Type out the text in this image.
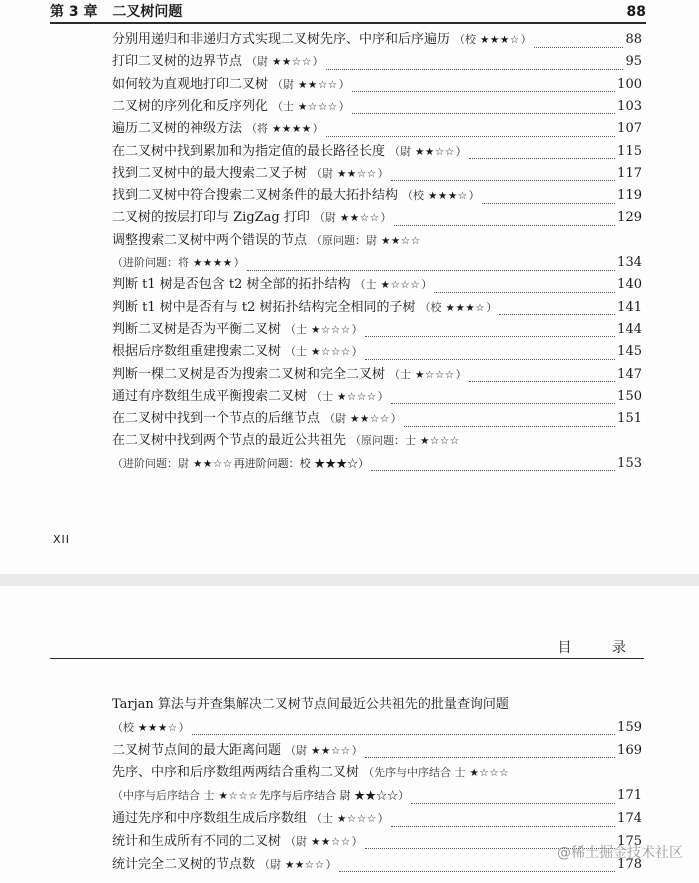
第 3 章 二叉树问题	88
分别用递归和非递归方式实现二叉树先序、中序和后序遍历 （校 ★★★☆ ）	88
打印二叉树的边界节点 （尉 ★★☆☆ ）	95
如何较为直观地打印二叉树 （尉 ★★☆☆ ）	100
二叉树的序列化和反序列化 （士 ★☆☆☆ ）	103
遍历二叉树的神级方法 （将 ★★★★ ）	107
在二叉树中找到累加和为指定值的最长路径长度 （尉 ★★☆☆ ）	115
找到二叉树中的最大搜索二叉子树 （尉 ★★☆☆ ）	117
找到二叉树中符合搜索二叉树条件的最大拓扑结构 （校 ★★★☆ ）	119
二叉树的按层打印与 ZigZag 打印 （尉 ★★☆☆ ）	129
调整搜索二叉树中两个错误的节点 （原问题：尉 ★★☆☆
（进阶问题：将 ★★★★ ）	134
判断 t1 树是否包含 t2 树全部的拓扑结构 （士 ★☆☆☆ ）	140
判断 t1 树中是否有与 t2 树拓扑结构完全相同的子树 （校 ★★★☆ ）	141
判断二叉树是否为平衡二叉树 （士 ★☆☆☆ ）	144
根据后序数组重建搜索二叉树 （士 ★☆☆☆ ）	145
判断一棵二叉树是否为搜索二叉树和完全二叉树 （士 ★☆☆☆ ）	147
通过有序数组生成平衡搜索二叉树 （士 ★☆☆☆ ）	150
在二叉树中找到一个节点的后继节点 （尉 ★★☆☆ ）	151
在二叉树中找到两个节点的最近公共祖先 （原问题：士 ★☆☆☆
（进阶问题：尉 ★★☆☆ 再进阶问题：校 ★★★☆）	153
XII
目 录
Tarjan 算法与并查集解决二叉树节点间最近公共祖先的批量查询问题
（校 ★★★☆ ）	159
二叉树节点间的最大距离问题 （尉 ★★☆☆ ）	169
先序、中序和后序数组两两结合重构二叉树 （先序与中序结合 士 ★☆☆☆
（中序与后序结合 士 ★☆☆☆ 先序与后序结合 尉 ★★☆☆）	171
通过先序和中序数组生成后序数组 （士 ★☆☆☆ ）	174
统计和生成所有不同的二叉树 （尉 ★★☆☆ ）	175
统计完全二叉树的节点数 （尉 ★★☆☆ ）	178
@稀土掘金技术社区
